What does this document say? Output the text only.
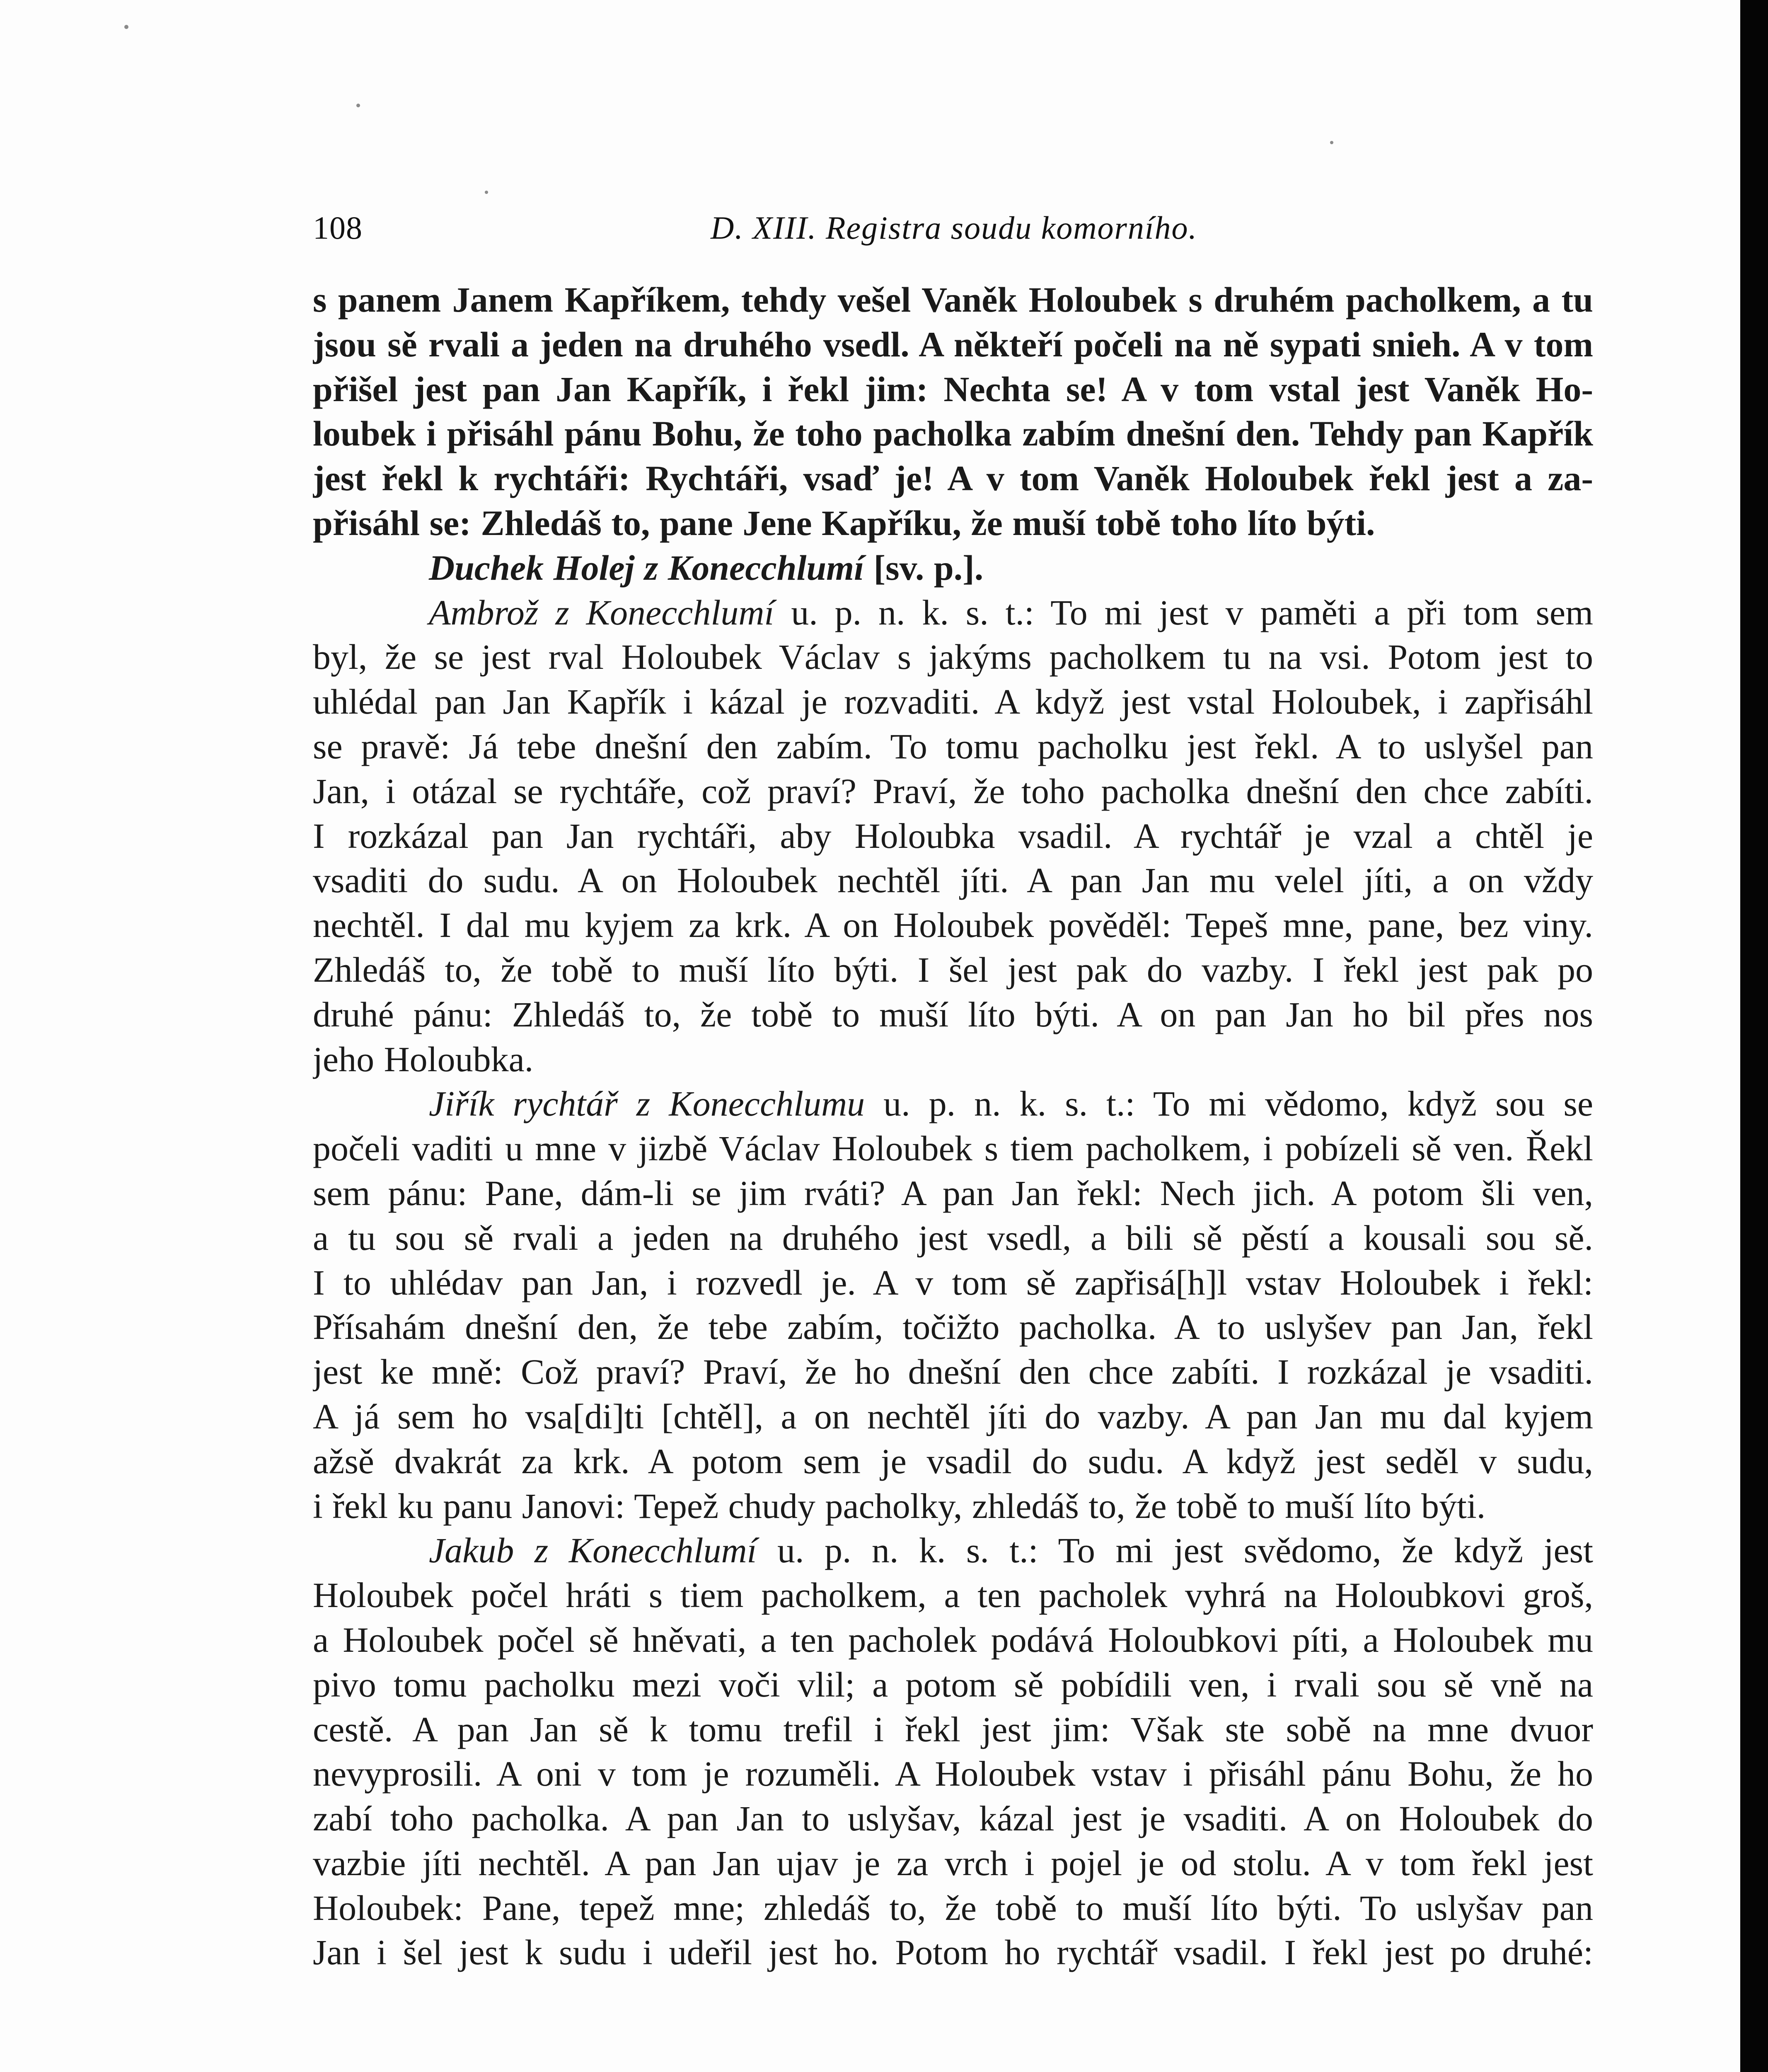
108	D. XIII. Registra soudu komorního.
s panem Janem Kapříkem, tehdy vešel Vaněk Holoubek s druhém pacholkem, a tu
jsou sě rvali a jeden na druhého vsedl. A někteří počeli na ně sypati snieh. A v tom
přišel jest pan Jan Kapřík, i řekl jim: Nechta se! A v tom vstal jest Vaněk Ho-
loubek i přisáhl pánu Bohu, že toho pacholka zabím dnešní den. Tehdy pan Kapřík
jest řekl k rychtáři: Rychtáři, vsaď je! A v tom Vaněk Holoubek řekl jest a za-
přisáhl se: Zhledáš to, pane Jene Kapříku, že muší tobě toho líto býti.
Duchek Holej z Konecchlumí [sv. p.].
Ambrož z Konecchlumí u. p. n. k. s. t.: To mi jest v paměti a při tom sem
byl, že se jest rval Holoubek Václav s jakýms pacholkem tu na vsi. Potom jest to
uhlédal pan Jan Kapřík i kázal je rozvaditi. A když jest vstal Holoubek, i zapřisáhl
se pravě: Já tebe dnešní den zabím. To tomu pacholku jest řekl. A to uslyšel pan
Jan, i otázal se rychtáře, což praví? Praví, že toho pacholka dnešní den chce zabíti.
I rozkázal pan Jan rychtáři, aby Holoubka vsadil. A rychtář je vzal a chtěl je
vsaditi do sudu. A on Holoubek nechtěl jíti. A pan Jan mu velel jíti, a on vždy
nechtěl. I dal mu kyjem za krk. A on Holoubek pověděl: Tepeš mne, pane, bez viny.
Zhledáš to, že tobě to muší líto býti. I šel jest pak do vazby. I řekl jest pak po
druhé pánu: Zhledáš to, že tobě to muší líto býti. A on pan Jan ho bil přes nos
jeho Holoubka.
Jiřík rychtář z Konecchlumu u. p. n. k. s. t.: To mi vědomo, když sou se
počeli vaditi u mne v jizbě Václav Holoubek s tiem pacholkem, i pobízeli sě ven. Řekl
sem pánu: Pane, dám-li se jim rváti? A pan Jan řekl: Nech jich. A potom šli ven,
a tu sou sě rvali a jeden na druhého jest vsedl, a bili sě pěstí a kousali sou sě.
I to uhlédav pan Jan, i rozvedl je. A v tom sě zapřisá[h]l vstav Holoubek i řekl:
Přísahám dnešní den, že tebe zabím, točižto pacholka. A to uslyšev pan Jan, řekl
jest ke mně: Což praví? Praví, že ho dnešní den chce zabíti. I rozkázal je vsaditi.
A já sem ho vsa[di]ti [chtěl], a on nechtěl jíti do vazby. A pan Jan mu dal kyjem
ažsě dvakrát za krk. A potom sem je vsadil do sudu. A když jest seděl v sudu,
i řekl ku panu Janovi: Tepež chudy pacholky, zhledáš to, že tobě to muší líto býti.
Jakub z Konecchlumí u. p. n. k. s. t.: To mi jest svědomo, že když jest
Holoubek počel hráti s tiem pacholkem, a ten pacholek vyhrá na Holoubkovi groš,
a Holoubek počel sě hněvati, a ten pacholek podává Holoubkovi píti, a Holoubek mu
pivo tomu pacholku mezi voči vlil; a potom sě pobídili ven, i rvali sou sě vně na
cestě. A pan Jan sě k tomu trefil i řekl jest jim: Však ste sobě na mne dvuor
nevyprosili. A oni v tom je rozuměli. A Holoubek vstav i přisáhl pánu Bohu, že ho
zabí toho pacholka. A pan Jan to uslyšav, kázal jest je vsaditi. A on Holoubek do
vazbie jíti nechtěl. A pan Jan ujav je za vrch i pojel je od stolu. A v tom řekl jest
Holoubek: Pane, tepež mne; zhledáš to, že tobě to muší líto býti. To uslyšav pan
Jan i šel jest k sudu i udeřil jest ho. Potom ho rychtář vsadil. I řekl jest po druhé:
